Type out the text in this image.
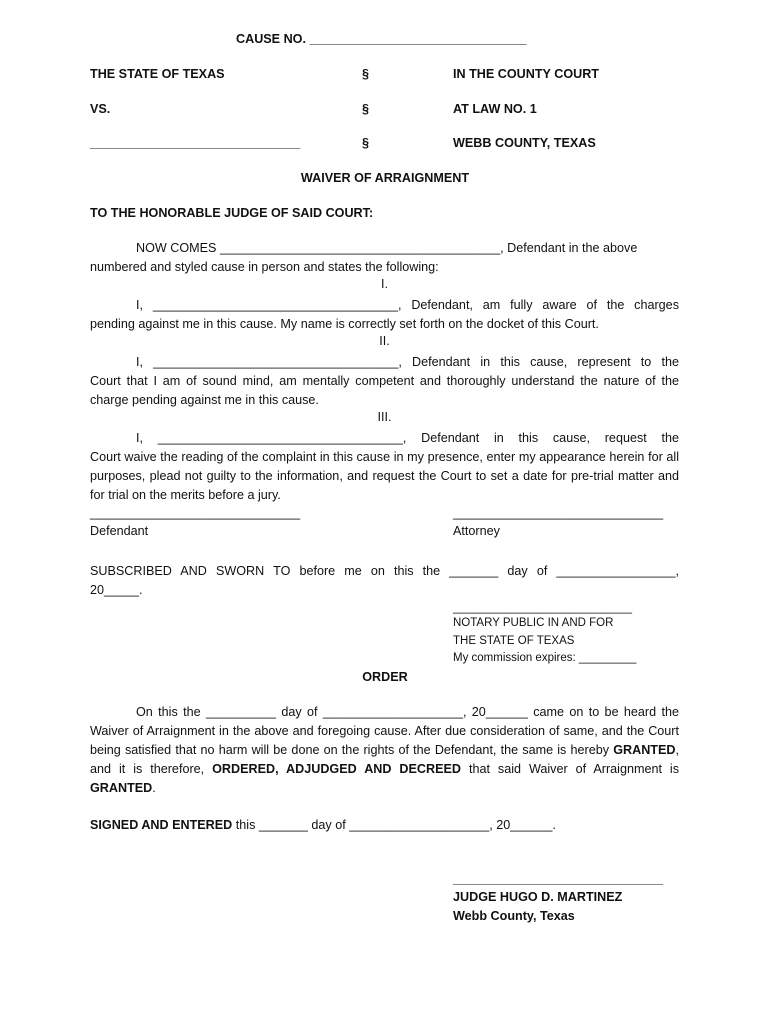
CAUSE NO. _______________________________
THE STATE OF TEXAS
VS.
______________________________
§
§
§
IN THE COUNTY COURT
AT LAW NO. 1
WEBB COUNTY, TEXAS
WAIVER OF ARRAIGNMENT
TO THE HONORABLE JUDGE OF SAID COURT:

NOW COMES ________________________________________, Defendant in the above

numbered and styled cause in person and states the following:

I.

I, ___________________________________, Defendant, am fully aware of the charges

pending against me in this cause. My name is correctly set forth on the docket of this Court.

II.

I, ___________________________________, Defendant in this cause, represent to the

Court that I am of sound mind, am mentally competent and thoroughly understand the nature of the charge pending against me in this cause.

III.

I, ___________________________________, Defendant in this cause, request the

Court waive the reading of the complaint in this cause in my presence, enter my appearance herein for all purposes, plead not guilty to the information, and request the Court to set a date for pre-trial matter and for trial on the merits before a jury.

______________________________	______________________________
Defendant	Attorney

SUBSCRIBED AND SWORN TO before me on this the _______ day of _________________,

20_____.

____________________________
NOTARY PUBLIC IN AND FOR
THE STATE OF TEXAS
My commission expires: _________
ORDER

On this the __________ day of ____________________, 20______ came on to be heard the Waiver of Arraignment in the above and foregoing cause. After due consideration of same, and the Court being satisfied that no harm will be done on the rights of the Defendant, the same is hereby GRANTED, and it is therefore, ORDERED, ADJUDGED AND DECREED that said Waiver of Arraignment is GRANTED.

SIGNED AND ENTERED this _______ day of ____________________, 20______.
______________________________
JUDGE HUGO D. MARTINEZ
Webb County, Texas
